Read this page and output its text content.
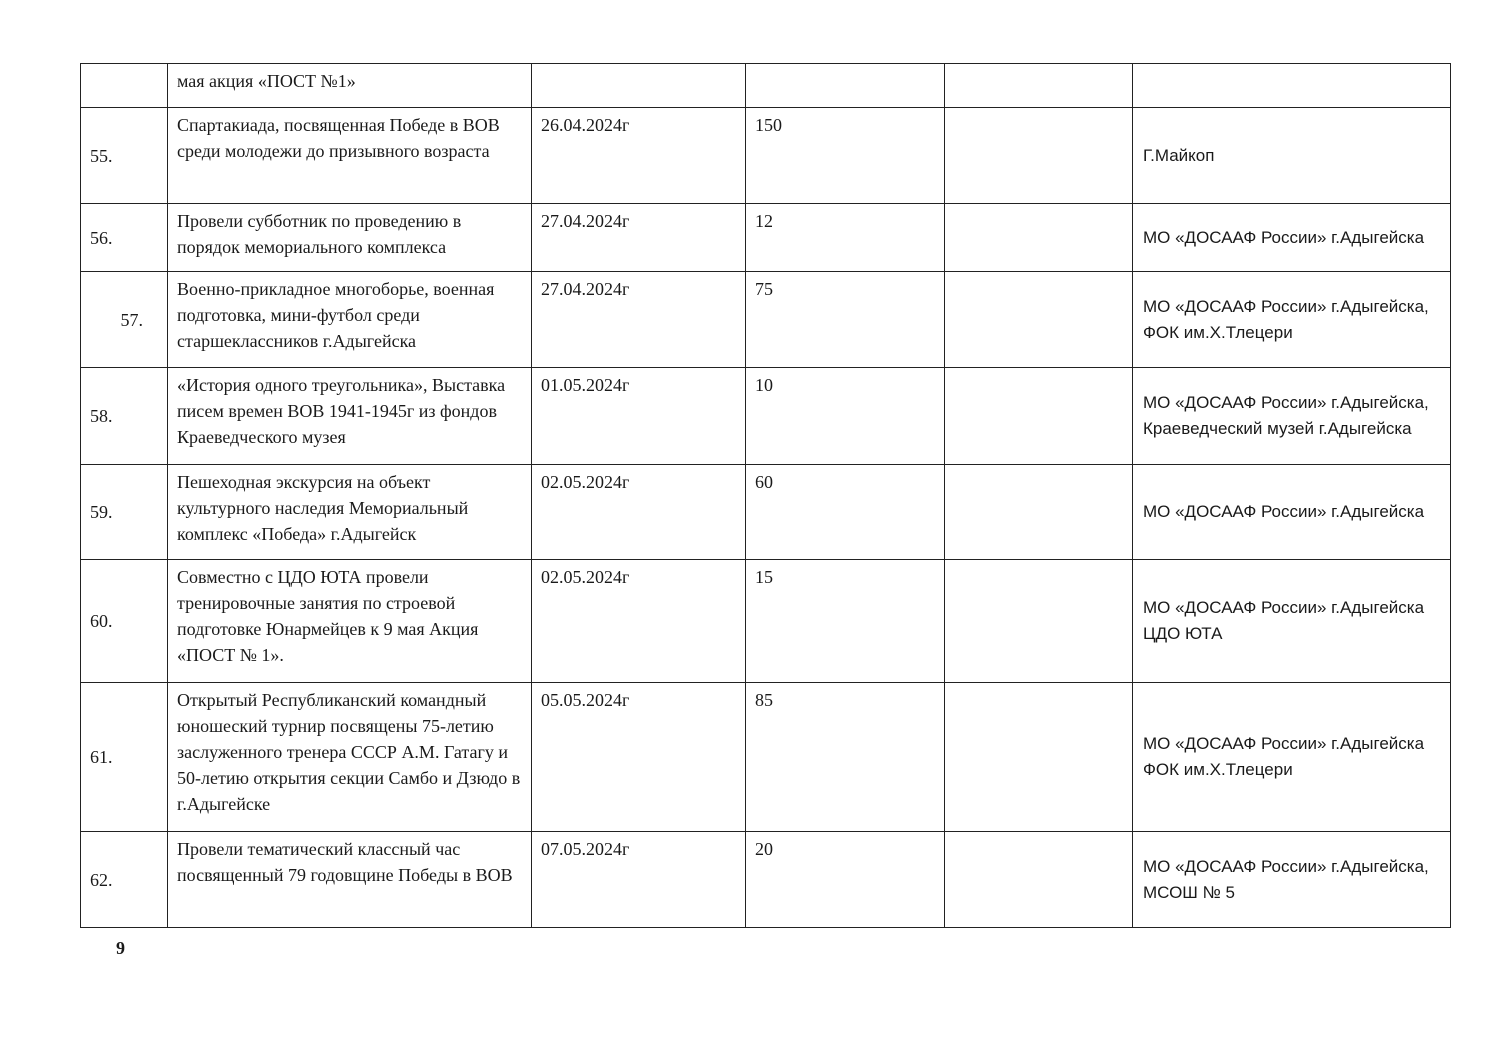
	мая акция «ПОСТ №1»				
55.	Спартакиада, посвященная Победе в ВОВ среди молодежи до призывного возраста	26.04.2024г	150		Г.Майкоп
56.	Провели субботник по проведению в порядок мемориального комплекса	27.04.2024г	12		МО «ДОСААФ России» г.Адыгейска
57.	Военно-прикладное многоборье, военная подготовка, мини-футбол среди старшеклассников г.Адыгейска	27.04.2024г	75		МО «ДОСААФ России» г.Адыгейска, ФОК им.Х.Тлецери
58.	«История одного треугольника», Выставка писем времен ВОВ 1941-1945г из фондов Краеведческого музея	01.05.2024г	10		МО «ДОСААФ России» г.Адыгейска, Краеведческий музей г.Адыгейска
59.	Пешеходная экскурсия на объект культурного наследия Мемориальный комплекс «Победа» г.Адыгейск	02.05.2024г	60		МО «ДОСААФ России» г.Адыгейска
60.	Совместно с ЦДО ЮТА провели тренировочные занятия по строевой подготовке Юнармейцев к 9 мая Акция «ПОСТ № 1».	02.05.2024г	15		МО «ДОСААФ России» г.Адыгейска ЦДО ЮТА
61.	Открытый Республиканский командный юношеский турнир посвящены 75-летию заслуженного тренера СССР А.М. Гатагу и 50-летию открытия секции Самбо и Дзюдо в г.Адыгейске	05.05.2024г	85		МО «ДОСААФ России» г.Адыгейска ФОК им.Х.Тлецери
62.	Провели тематический классный час посвященный 79 годовщине Победы в ВОВ	07.05.2024г	20		МО «ДОСААФ России» г.Адыгейска, МСОШ № 5
9
